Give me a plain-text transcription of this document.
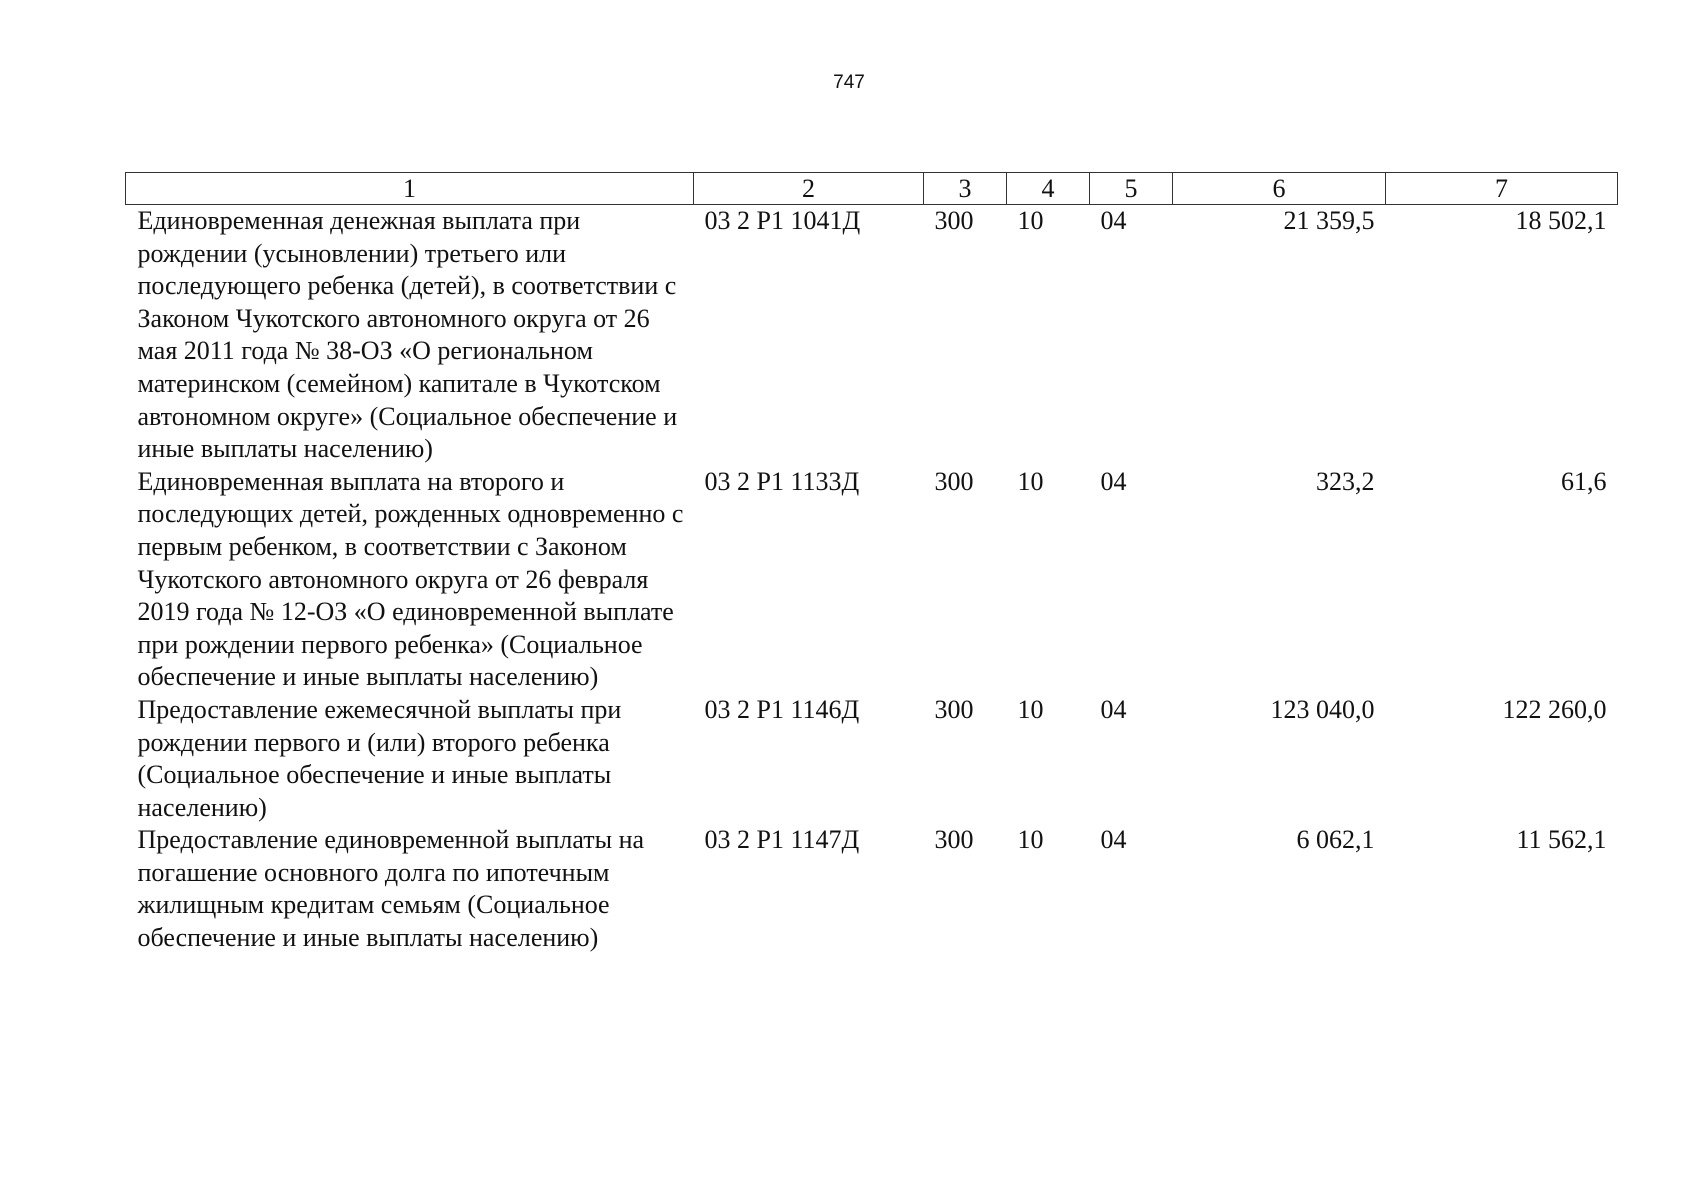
747
1	2	3	4	5	6	7
Единовременная денежная выплата при рождении (усыновлении) третьего или последующего ребенка (детей), в соответствии с Законом Чукотского автономного округа от 26 мая 2011 года № 38-ОЗ «О региональном материнском (семейном) капитале в Чукотском автономном округе» (Социальное обеспечение и иные выплаты населению)	03 2 Р1 1041Д	300	10	04	21 359,5	18 502,1
Единовременная выплата на второго и последующих детей, рожденных одновременно с первым ребенком, в соответствии с Законом Чукотского автономного округа от 26 февраля 2019 года № 12-ОЗ «О единовременной выплате при рождении первого ребенка» (Социальное обеспечение и иные выплаты населению)	03 2 Р1 1133Д	300	10	04	323,2	61,6
Предоставление ежемесячной выплаты при рождении первого и (или) второго ребенка (Социальное обеспечение и иные выплаты населению)	03 2 Р1 1146Д	300	10	04	123 040,0	122 260,0
Предоставление единовременной выплаты на погашение основного долга по ипотечным жилищным кредитам семьям (Социальное обеспечение и иные выплаты населению)	03 2 Р1 1147Д	300	10	04	6 062,1	11 562,1
